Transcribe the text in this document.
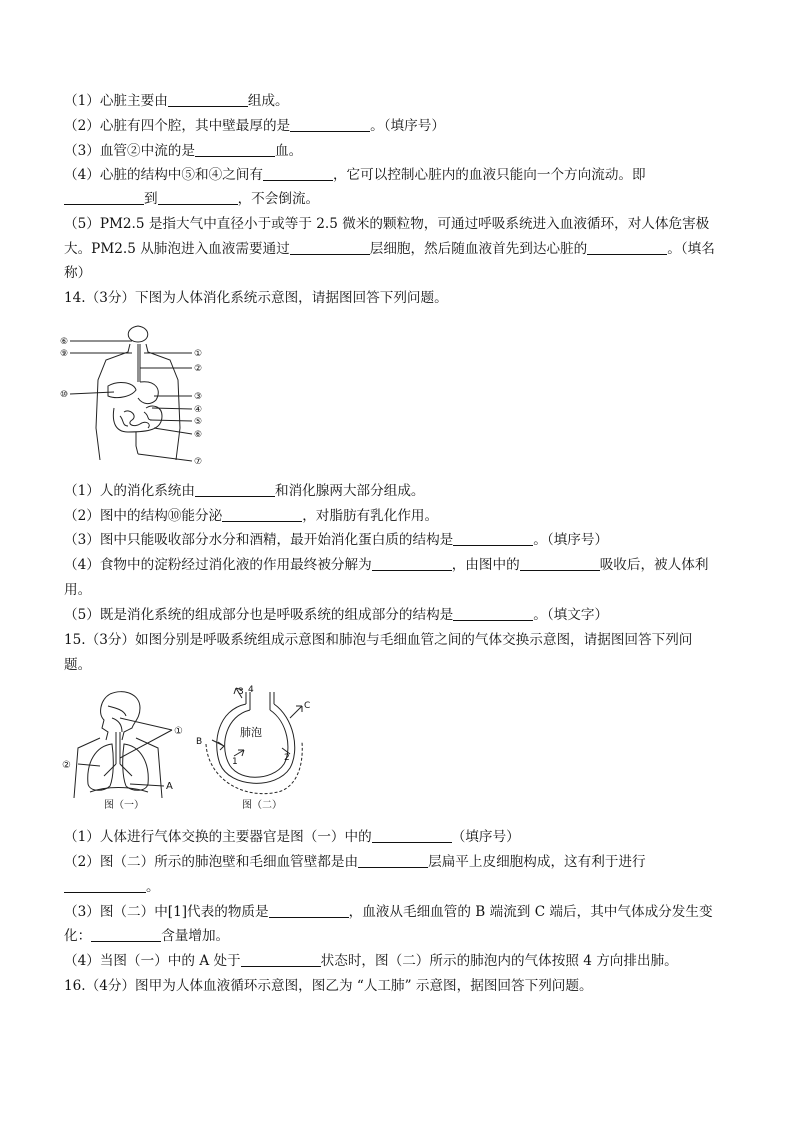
（1）心脏主要由	组成。
（2）心脏有四个腔，其中壁最厚的是	。（填序号）
（3）血管②中流的是	血。
（4）心脏的结构中⑤和④之间有	，它可以控制心脏内的血液只能向一个方向流动。即
到	，不会倒流。
（5）PM2.5 是指大气中直径小于或等于 2.5 微米的颗粒物，可通过呼吸系统进入血液循环，对人体危害极
大。PM2.5 从肺泡进入血液需要通过	层细胞，然后随血液首先到达心脏的	。（填名
称）
14.（3分）下图为人体消化系统示意图，请据图回答下列问题。
⑥
⑨
⑩
①
②
③
④
⑤
⑥
⑦
（1）人的消化系统由	和消化腺两大部分组成。
（2）图中的结构⑩能分泌	，对脂肪有乳化作用。
（3）图中只能吸收部分水分和酒精，最开始消化蛋白质的结构是	。（填序号）
（4）食物中的淀粉经过消化液的作用最终被分解为	，由图中的	吸收后，被人体利
用。
（5）既是消化系统的组成部分也是呼吸系统的组成部分的结构是	。（填文字）
15.（3分）如图分别是呼吸系统组成示意图和肺泡与毛细血管之间的气体交换示意图，请据图回答下列问
题。
①
②
A
图（一）
3 4
C
B
肺泡
1	2
图（二）
（1）人体进行气体交换的主要器官是图（一）中的	（填序号）
（2）图（二）所示的肺泡壁和毛细血管壁都是由	层扁平上皮细胞构成，这有利于进行
。
（3）图（二）中[1]代表的物质是	，血液从毛细血管的 B 端流到 C 端后，其中气体成分发生变
化：	含量增加。
（4）当图（一）中的 A 处于	状态时，图（二）所示的肺泡内的气体按照 4 方向排出肺。
16.（4分）图甲为人体血液循环示意图，图乙为 “人工肺” 示意图，据图回答下列问题。
